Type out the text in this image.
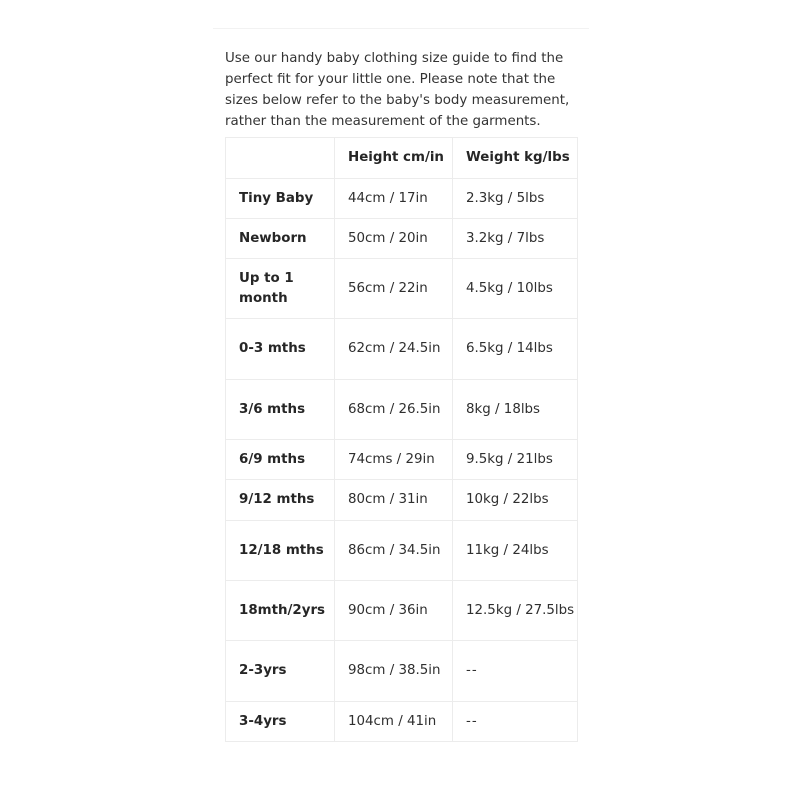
Use our handy baby clothing size guide to find the perfect fit for your little one. Please note that the sizes below refer to the baby's body measurement, rather than the measurement of the garments.

	Height cm/in	Weight kg/lbs
Tiny Baby	44cm / 17in	2.3kg / 5lbs
Newborn	50cm / 20in	3.2kg / 7lbs
Up to 1 month	56cm / 22in	4.5kg / 10lbs
0-3 mths	62cm / 24.5in	6.5kg / 14lbs
3/6 mths	68cm / 26.5in	8kg / 18lbs
6/9 mths	74cms / 29in	9.5kg / 21lbs
9/12 mths	80cm / 31in	10kg / 22lbs
12/18 mths	86cm / 34.5in	11kg / 24lbs
18mth/2yrs	90cm / 36in	12.5kg / 27.5lbs
2-3yrs	98cm / 38.5in	--
3-4yrs	104cm / 41in	--
